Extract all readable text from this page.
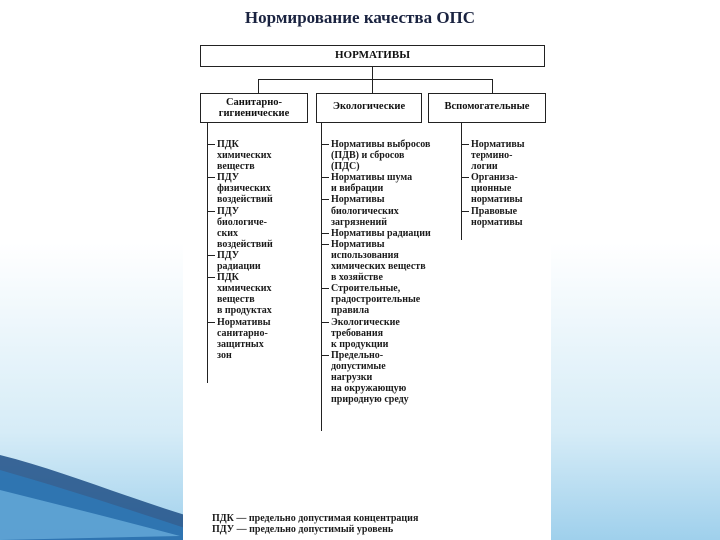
Нормирование качества ОПС
НОРМАТИВЫ
Санитарно-гигиенические
Экологические	Вспомогательные
ПДК
химических
веществ
ПДУ
физических
воздействий
ПДУ
биологиче-
ских
воздействий
ПДУ
радиации
ПДК
химических
веществ
в продуктах
Нормативы
санитарно-
защитных
зон
Нормативы выбросов
(ПДВ) и сбросов
(ПДС)
Нормативы шума
и вибрации
Нормативы
биологических
загрязнений
Нормативы радиации
Нормативы
использования
химических веществ
в хозяйстве
Строительные,
градостроительные
правила
Экологические
требования
к продукции
Предельно-
допустимые
нагрузки
на окружающую
природную среду
Нормативы
термино-
логии
Организа-
ционные
нормативы
Правовые
нормативы
ПДК — предельно допустимая концентрация
ПДУ — предельно допустимый уровень
